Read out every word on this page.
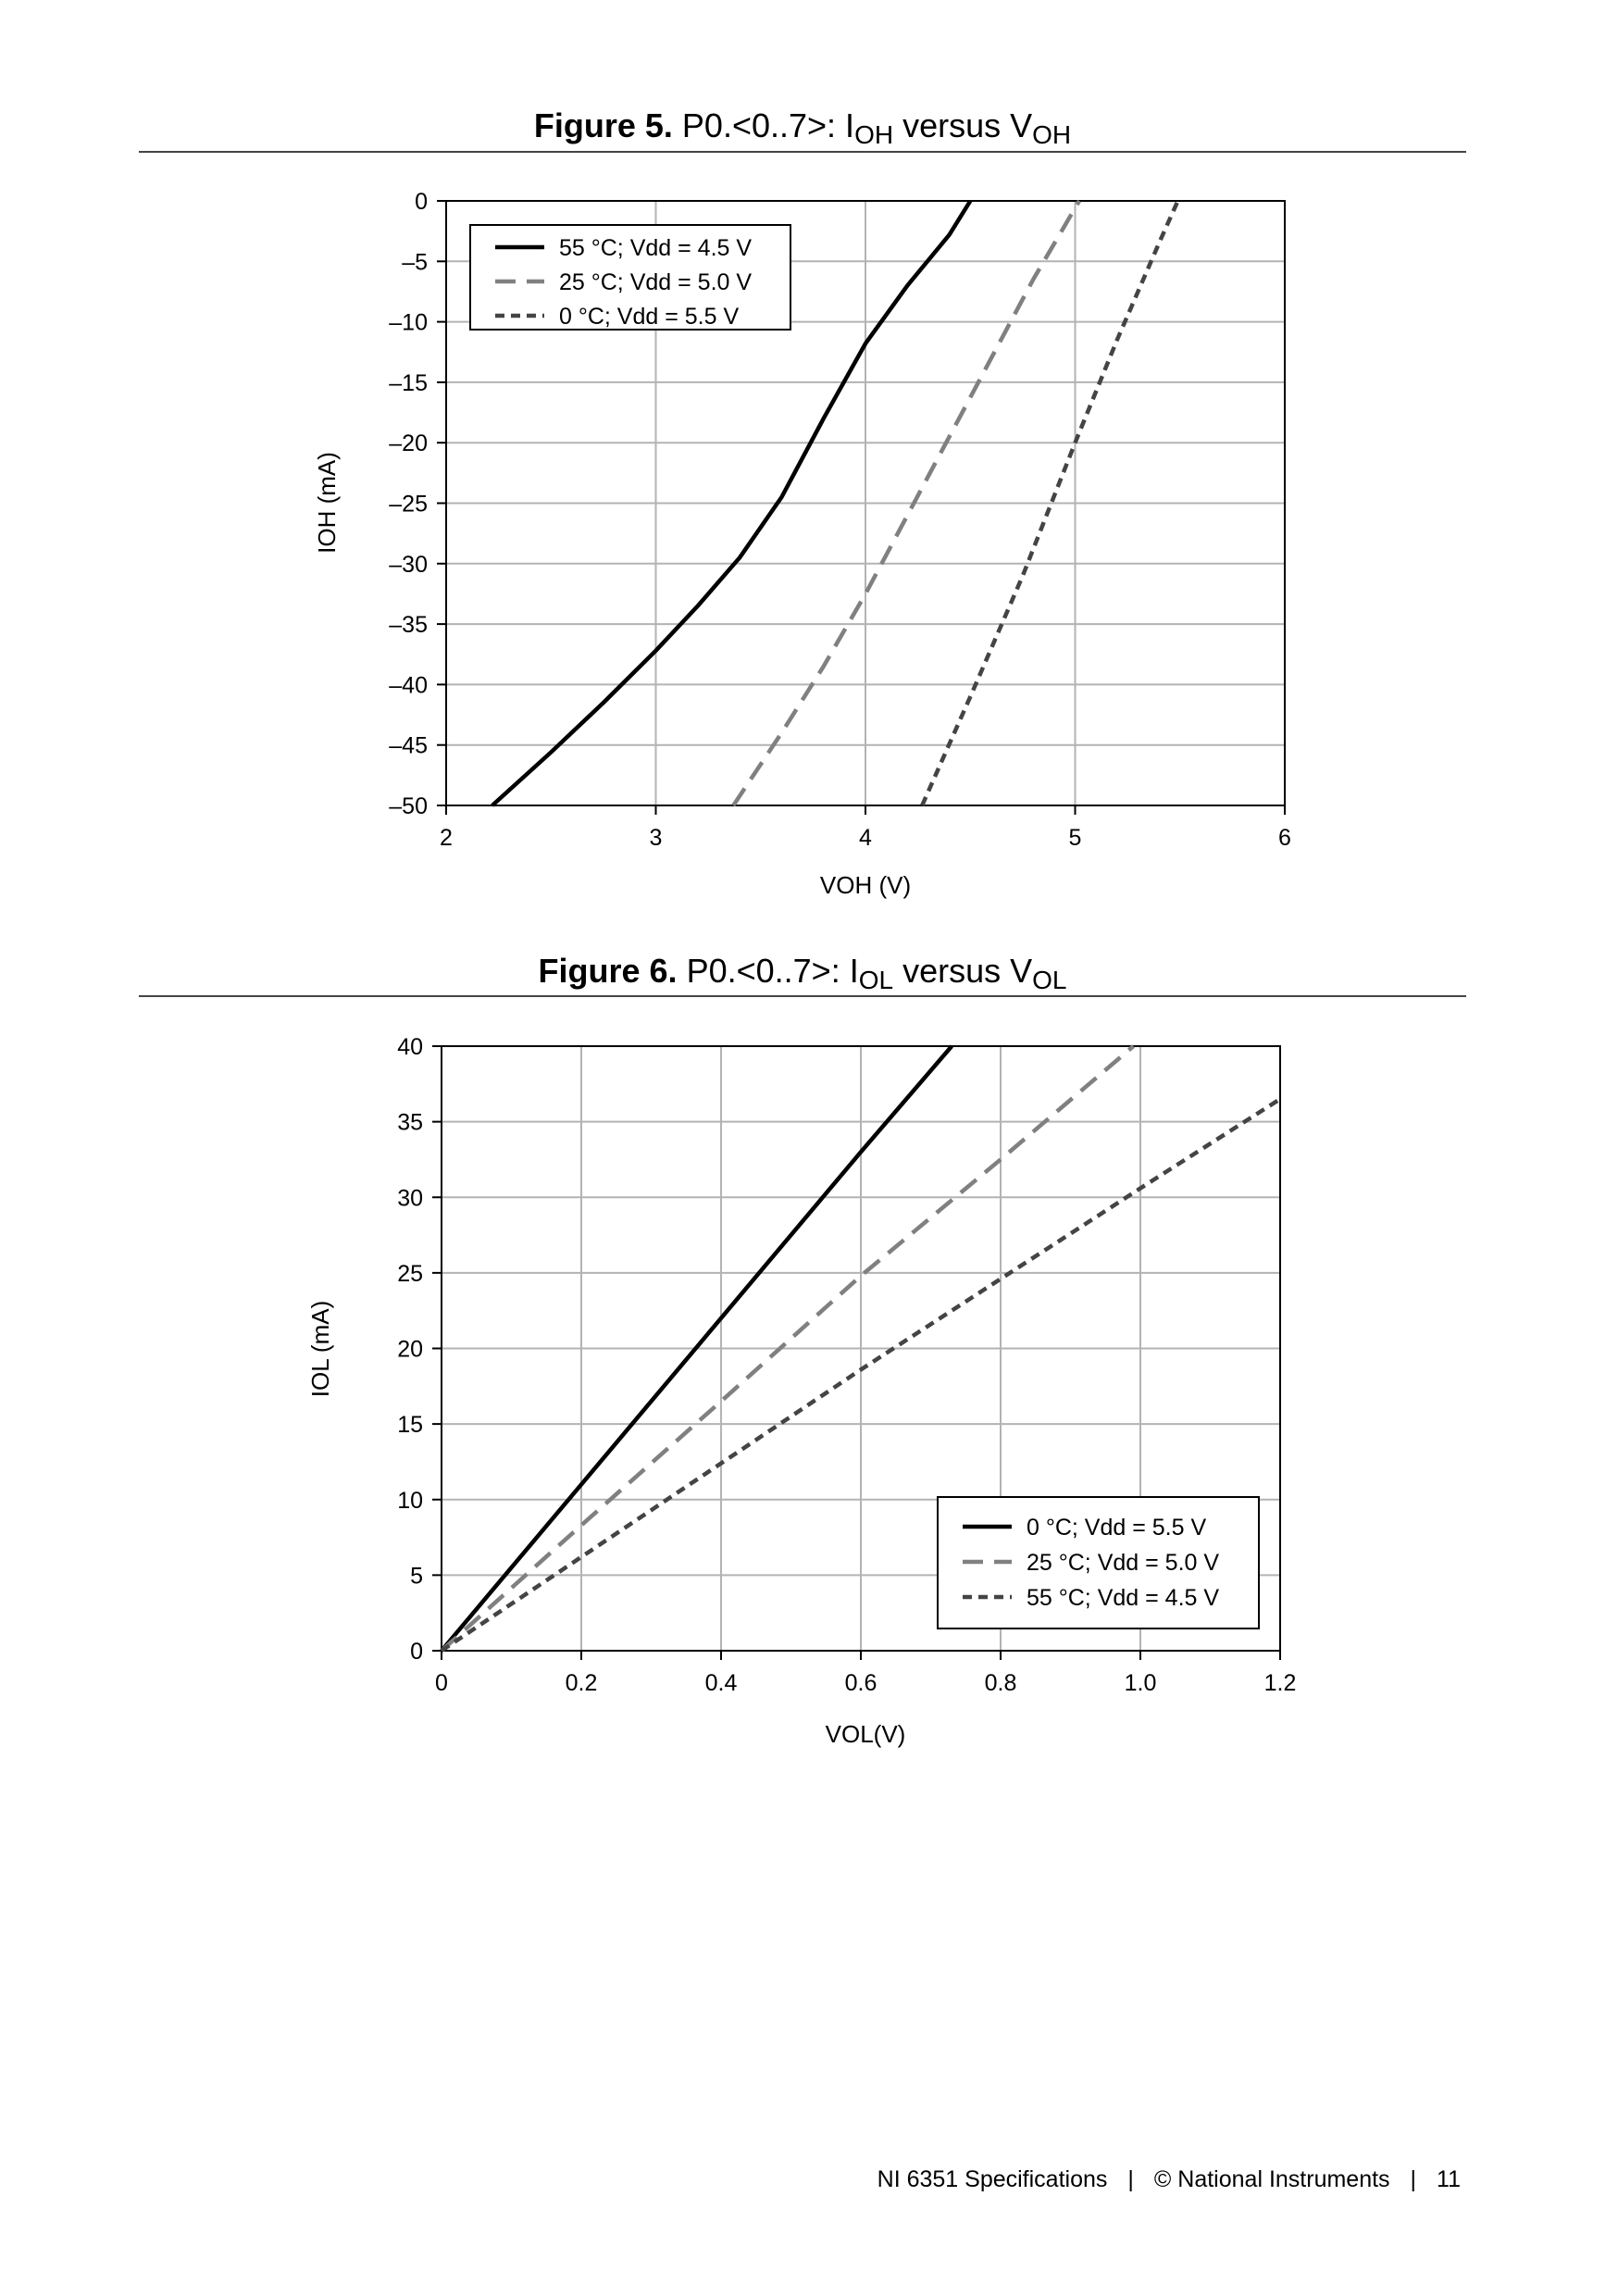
Figure 5. P0.<0..7>: $I_{OH}$ versus $V_{OH}$
2	3	4	5	6
0
–5
–10
–15
–20
–25
–30
–35
–40
–45
–50
VOH (V)
IOH (mA)
55 °C; Vdd = 4.5 V
25 °C; Vdd = 5.0 V
0 °C; Vdd = 5.5 V
Figure 6. P0.<0..7>: $I_{OL}$ versus $V_{OL}$
0	0.2	0.4	0.6	0.8	1.0	1.2
0
5
10
15
20
25
30
35
40
VOL(V)
IOL (mA)
0 °C; Vdd = 5.5 V
25 °C; Vdd = 5.0 V
55 °C; Vdd = 4.5 V
NI 6351 Specifications | © National Instruments | 11
